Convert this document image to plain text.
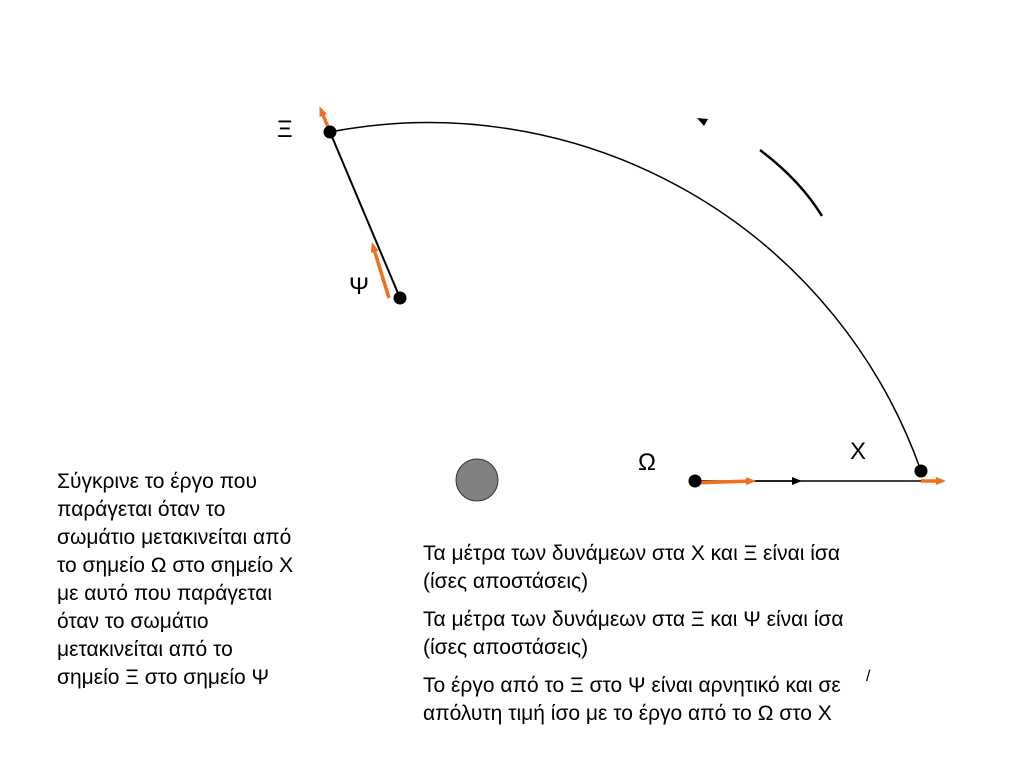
Ξ
Ψ
Ω	Χ
Σύγκρινε το έργο που
παράγεται όταν το
σωμάτιο μετακινείται από
το σημείο Ω στο σημείο Χ
με αυτό που παράγεται
όταν το σωμάτιο
μετακινείται από το
σημείο Ξ στο σημείο Ψ

Τα μέτρα των δυνάμεων στα Χ και Ξ είναι ίσα
(ίσες αποστάσεις)

Τα μέτρα των δυνάμεων στα Ξ και Ψ είναι ίσα
(ίσες αποστάσεις)

Το έργο από το Ξ στο Ψ είναι αρνητικό και σε
απόλυτη τιμή ίσο με το έργο από το Ω στο Χ

/
